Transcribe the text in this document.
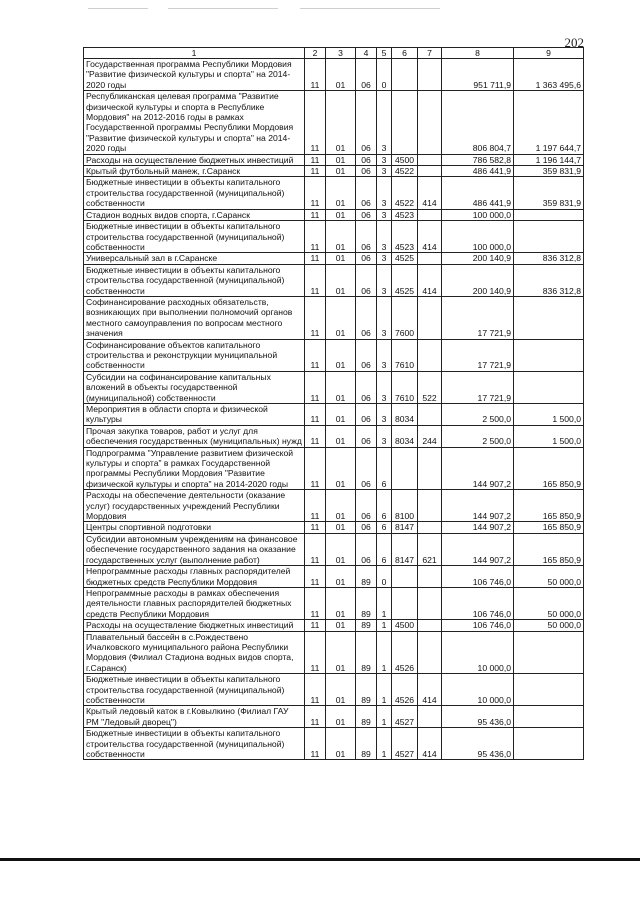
202
1	2	3	4	5	6	7	8	9
Государственная программа Республики Мордовия "Развитие физической культуры и спорта" на 2014-2020 годы	11	01	06	0			951 711,9	1 363 495,6
Республиканская целевая программа "Развитие физической культуры и спорта в Республике Мордовия" на 2012-2016 годы в рамках Государственной программы Республики Мордовия "Развитие физической культуры и спорта" на 2014-2020 годы	11	01	06	3			806 804,7	1 197 644,7
Расходы на осуществление бюджетных инвестиций	11	01	06	3	4500		786 582,8	1 196 144,7
Крытый футбольный манеж, г.Саранск	11	01	06	3	4522		486 441,9	359 831,9
Бюджетные инвестиции в объекты капитального строительства государственной (муниципальной) собственности	11	01	06	3	4522	414	486 441,9	359 831,9
Стадион водных видов спорта, г.Саранск	11	01	06	3	4523		100 000,0	
Бюджетные инвестиции в объекты капитального строительства государственной (муниципальной) собственности	11	01	06	3	4523	414	100 000,0	
Универсальный зал в г.Саранске	11	01	06	3	4525		200 140,9	836 312,8
Бюджетные инвестиции в объекты капитального строительства государственной (муниципальной) собственности	11	01	06	3	4525	414	200 140,9	836 312,8
Софинансирование расходных обязательств, возникающих при выполнении полномочий органов местного самоуправления по вопросам местного значения	11	01	06	3	7600		17 721,9	
Софинансирование объектов капитального строительства и реконструкции муниципальной собственности	11	01	06	3	7610		17 721,9	
Субсидии на софинансирование капитальных вложений в объекты государственной (муниципальной) собственности	11	01	06	3	7610	522	17 721,9	
Мероприятия в области спорта и физической культуры	11	01	06	3	8034		2 500,0	1 500,0
Прочая закупка товаров, работ и услуг для обеспечения государственных (муниципальных) нужд	11	01	06	3	8034	244	2 500,0	1 500,0
Подпрограмма "Управление развитием физической культуры и спорта" в рамках Государственной программы Республики Мордовия "Развитие физической культуры и спорта" на 2014-2020 годы	11	01	06	6			144 907,2	165 850,9
Расходы на обеспечение деятельности (оказание услуг) государственных учреждений Республики Мордовия	11	01	06	6	8100		144 907,2	165 850,9
Центры спортивной подготовки	11	01	06	6	8147		144 907,2	165 850,9
Субсидии автономным учреждениям на финансовое обеспечение государственного задания на оказание государственных услуг (выполнение работ)	11	01	06	6	8147	621	144 907,2	165 850,9
Непрограммные расходы главных распорядителей бюджетных средств Республики Мордовия	11	01	89	0			106 746,0	50 000,0
Непрограммные расходы в рамках обеспечения деятельности главных распорядителей бюджетных средств Республики Мордовия	11	01	89	1			106 746,0	50 000,0
Расходы на осуществление бюджетных инвестиций	11	01	89	1	4500		106 746,0	50 000,0
Плавательный бассейн в с.Рождествено Ичалковского муниципального района Республики Мордовия (Филиал Стадиона водных видов спорта, г.Саранск)	11	01	89	1	4526		10 000,0	
Бюджетные инвестиции в объекты капитального строительства государственной (муниципальной) собственности	11	01	89	1	4526	414	10 000,0	
Крытый ледовый каток в г.Ковылкино (Филиал ГАУ РМ "Ледовый дворец")	11	01	89	1	4527		95 436,0	
Бюджетные инвестиции в объекты капитального строительства государственной (муниципальной) собственности	11	01	89	1	4527	414	95 436,0	
